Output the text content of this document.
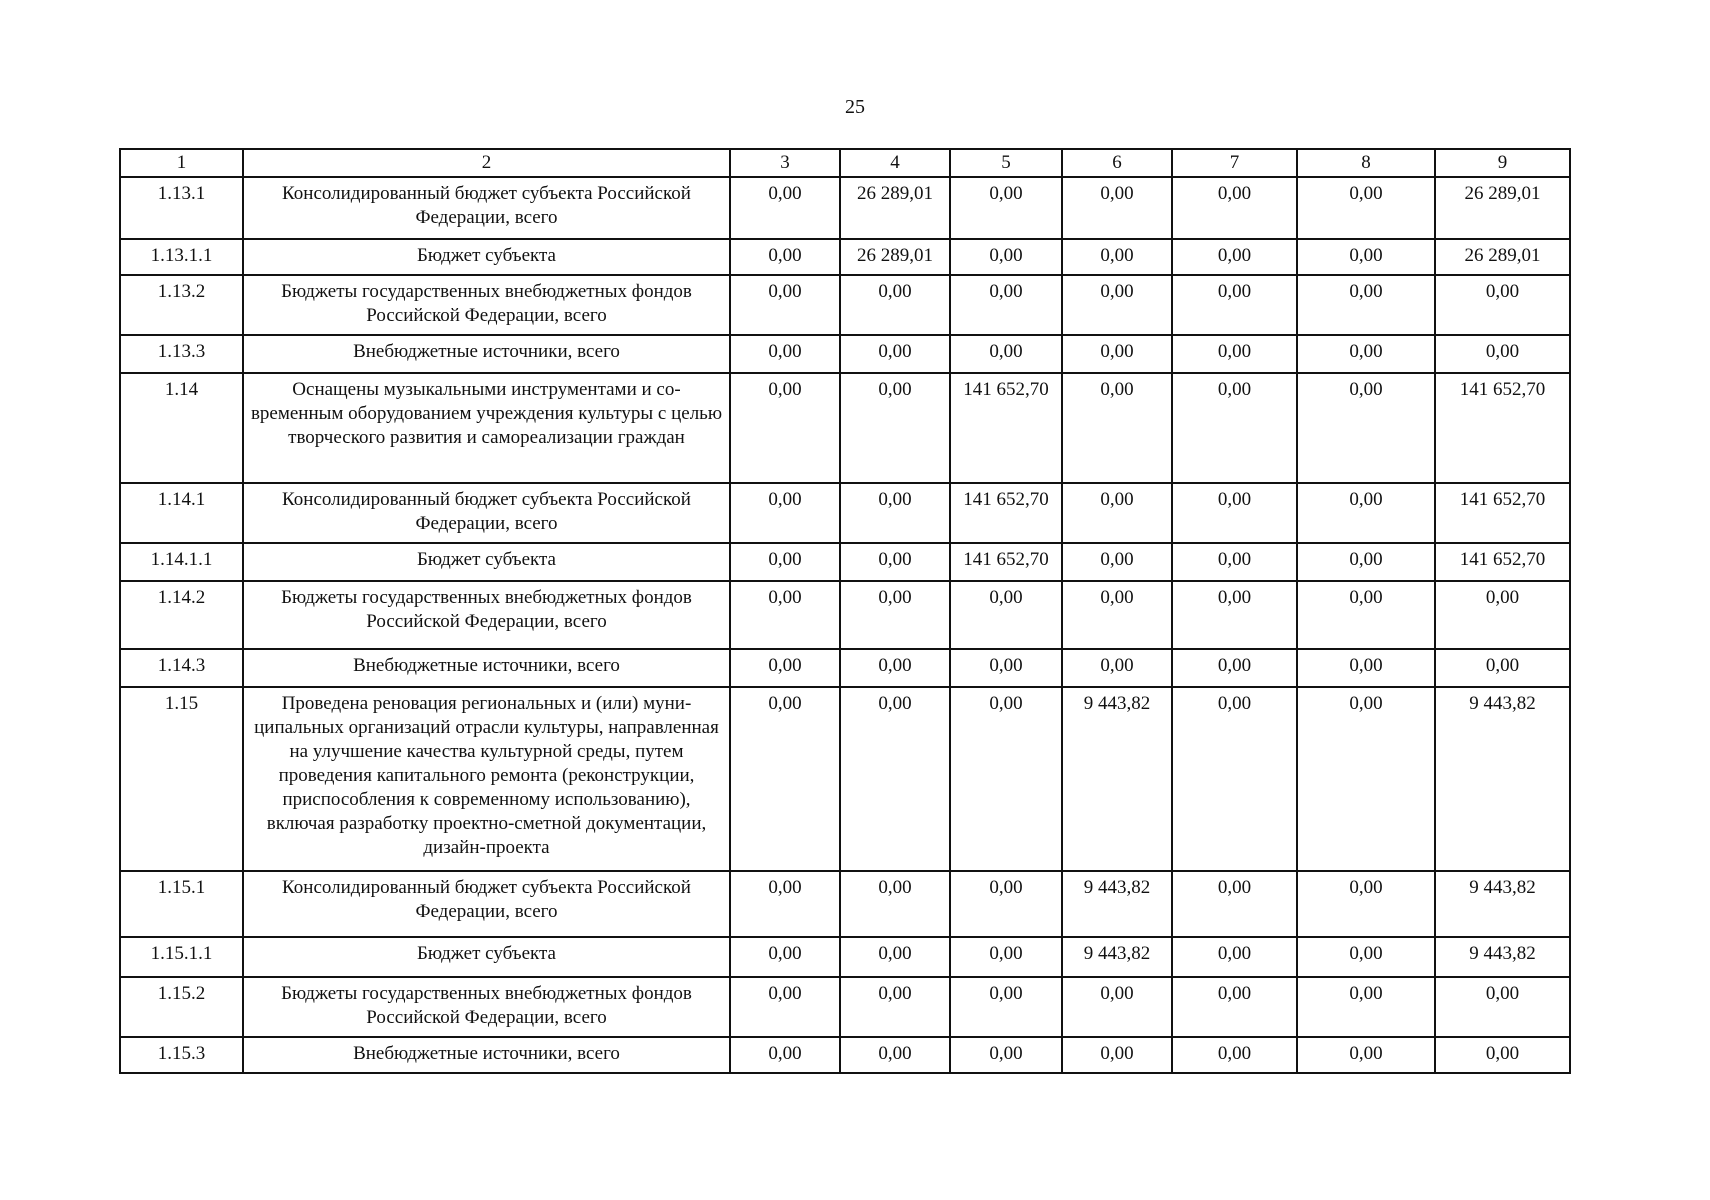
25
1	2	3	4	5	6	7	8	9
1.13.1	Консолидированный бюджет субъекта Российской Федерации, всего	0,00	26 289,01	0,00	0,00	0,00	0,00	26 289,01
1.13.1.1	Бюджет субъекта	0,00	26 289,01	0,00	0,00	0,00	0,00	26 289,01
1.13.2	Бюджеты государственных внебюджетных фондов Российской Федерации, всего	0,00	0,00	0,00	0,00	0,00	0,00	0,00
1.13.3	Внебюджетные источники, всего	0,00	0,00	0,00	0,00	0,00	0,00	0,00
1.14	Оснащены музыкальными инструментами и со-временным оборудованием учреждения культуры с целью творческого развития и самореализации граждан	0,00	0,00	141 652,70	0,00	0,00	0,00	141 652,70
1.14.1	Консолидированный бюджет субъекта Российской Федерации, всего	0,00	0,00	141 652,70	0,00	0,00	0,00	141 652,70
1.14.1.1	Бюджет субъекта	0,00	0,00	141 652,70	0,00	0,00	0,00	141 652,70
1.14.2	Бюджеты государственных внебюджетных фондов Российской Федерации, всего	0,00	0,00	0,00	0,00	0,00	0,00	0,00
1.14.3	Внебюджетные источники, всего	0,00	0,00	0,00	0,00	0,00	0,00	0,00
1.15	Проведена реновация региональных и (или) муни-ципальных организаций отрасли культуры, направленная на улучшение качества культурной среды, путем проведения капитального ремонта (реконструкции, приспособления к современному использованию), включая разработку проектно-сметной документации, дизайн-проекта	0,00	0,00	0,00	9 443,82	0,00	0,00	9 443,82
1.15.1	Консолидированный бюджет субъекта Российской Федерации, всего	0,00	0,00	0,00	9 443,82	0,00	0,00	9 443,82
1.15.1.1	Бюджет субъекта	0,00	0,00	0,00	9 443,82	0,00	0,00	9 443,82
1.15.2	Бюджеты государственных внебюджетных фондов Российской Федерации, всего	0,00	0,00	0,00	0,00	0,00	0,00	0,00
1.15.3	Внебюджетные источники, всего	0,00	0,00	0,00	0,00	0,00	0,00	0,00
